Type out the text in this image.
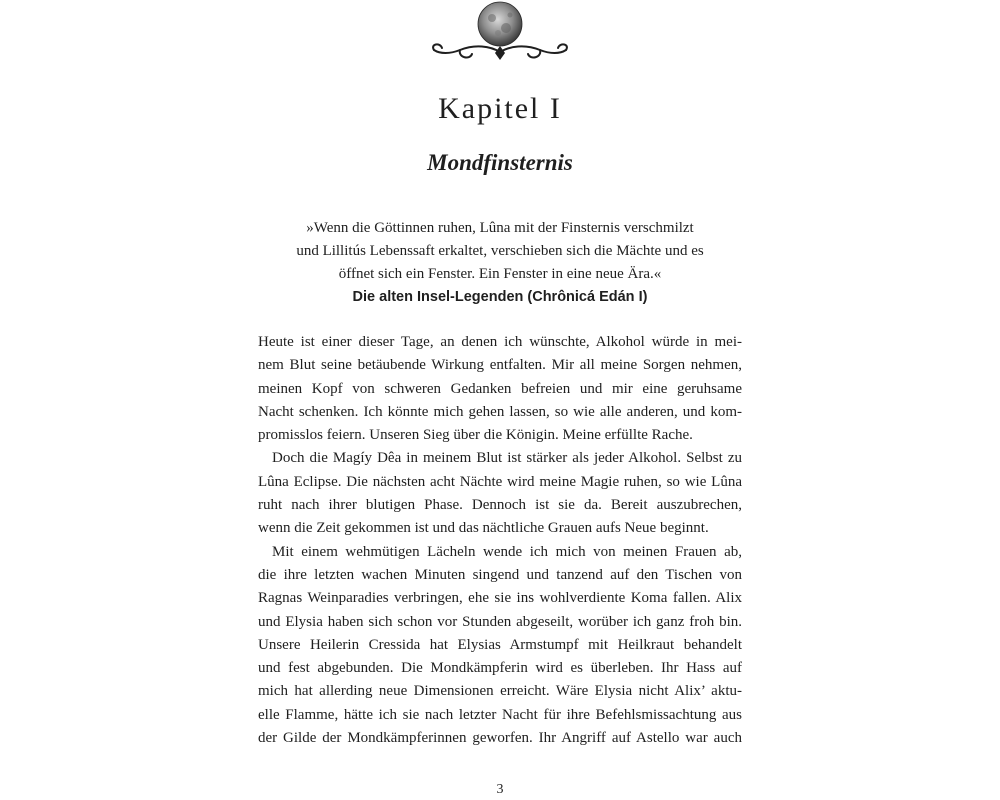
Kapitel I
Mondfinsternis
»Wenn die Göttinnen ruhen, Lûna mit der Finsternis verschmilzt
und Lillitús Lebenssaft erkaltet, verschieben sich die Mächte und es
öffnet sich ein Fenster. Ein Fenster in eine neue Ära.«
Die alten Insel-Legenden (Chrônicá Edán I)
Heute ist einer dieser Tage, an denen ich wünschte, Alkohol würde in mei-
nem Blut seine betäubende Wirkung entfalten. Mir all meine Sorgen nehmen,
meinen Kopf von schweren Gedanken befreien und mir eine geruhsame
Nacht schenken. Ich könnte mich gehen lassen, so wie alle anderen, und kom-
promisslos feiern. Unseren Sieg über die Königin. Meine erfüllte Rache.
Doch die Magíy Dêa in meinem Blut ist stärker als jeder Alkohol. Selbst zu
Lûna Eclipse. Die nächsten acht Nächte wird meine Magie ruhen, so wie Lûna
ruht nach ihrer blutigen Phase. Dennoch ist sie da. Bereit auszubrechen,
wenn die Zeit gekommen ist und das nächtliche Grauen aufs Neue beginnt.
Mit einem wehmütigen Lächeln wende ich mich von meinen Frauen ab,
die ihre letzten wachen Minuten singend und tanzend auf den Tischen von
Ragnas Weinparadies verbringen, ehe sie ins wohlverdiente Koma fallen. Alix
und Elysia haben sich schon vor Stunden abgeseilt, worüber ich ganz froh bin.
Unsere Heilerin Cressida hat Elysias Armstumpf mit Heilkraut behandelt
und fest abgebunden. Die Mondkämpferin wird es überleben. Ihr Hass auf
mich hat allerding neue Dimensionen erreicht. Wäre Elysia nicht Alix’ aktu-
elle Flamme, hätte ich sie nach letzter Nacht für ihre Befehlsmissachtung aus
der Gilde der Mondkämpferinnen geworfen. Ihr Angriff auf Astello war auch
3
